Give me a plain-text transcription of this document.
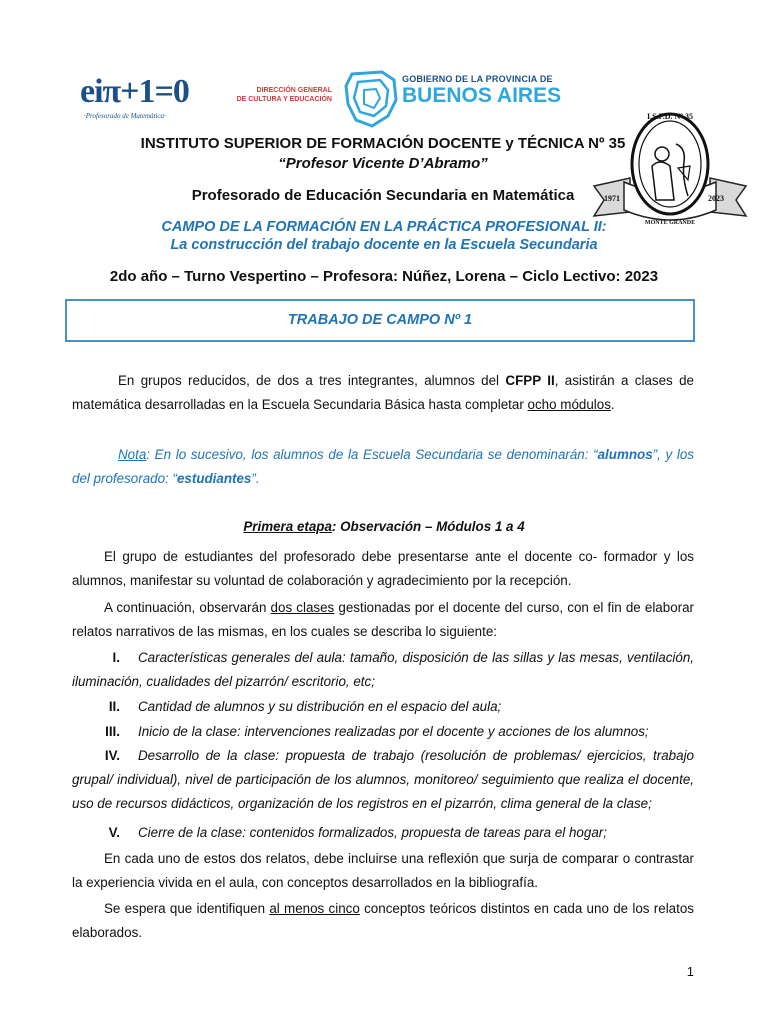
eiπ+1=0
·Profesorado de Matemática·
DIRECCIÓN GENERAL
DE CULTURA Y EDUCACIÓN
GOBIERNO DE LA PROVINCIA DE
BUENOS AIRES
I.S.F.D. Nº 35
1971	2023
MONTE GRANDE
INSTITUTO SUPERIOR DE FORMACIÓN DOCENTE y TÉCNICA Nº 35
“Profesor Vicente D’Abramo”
Profesorado de Educación Secundaria en Matemática
CAMPO DE LA FORMACIÓN EN LA PRÁCTICA PROFESIONAL II:
La construcción del trabajo docente en la Escuela Secundaria
2do año – Turno Vespertino – Profesora: Núñez, Lorena – Ciclo Lectivo: 2023
TRABAJO DE CAMPO Nº 1
En grupos reducidos, de dos a tres integrantes, alumnos del CFPP II, asistirán a clases de matemática desarrolladas en la Escuela Secundaria Básica hasta completar ocho módulos.
Nota: En lo sucesivo, los alumnos de la Escuela Secundaria se denominarán: “alumnos”, y los del profesorado: “estudiantes”.
Primera etapa: Observación – Módulos 1 a 4
El grupo de estudiantes del profesorado debe presentarse ante el docente co- formador y los alumnos, manifestar su voluntad de colaboración y agradecimiento por la recepción.
A continuación, observarán dos clases gestionadas por el docente del curso, con el fin de elaborar relatos narrativos de las mismas, en los cuales se describa lo siguiente:
I. Características generales del aula: tamaño, disposición de las sillas y las mesas, ventilación, iluminación, cualidades del pizarrón/ escritorio, etc;
II. Cantidad de alumnos y su distribución en el espacio del aula;
III. Inicio de la clase: intervenciones realizadas por el docente y acciones de los alumnos;
IV. Desarrollo de la clase: propuesta de trabajo (resolución de problemas/ ejercicios, trabajo grupal/ individual), nivel de participación de los alumnos, monitoreo/ seguimiento que realiza el docente, uso de recursos didácticos, organización de los registros en el pizarrón, clima general de la clase;
V. Cierre de la clase: contenidos formalizados, propuesta de tareas para el hogar;
En cada uno de estos dos relatos, debe incluirse una reflexión que surja de comparar o contrastar la experiencia vivida en el aula, con conceptos desarrollados en la bibliografía.
Se espera que identifiquen al menos cinco conceptos teóricos distintos en cada uno de los relatos elaborados.
1
